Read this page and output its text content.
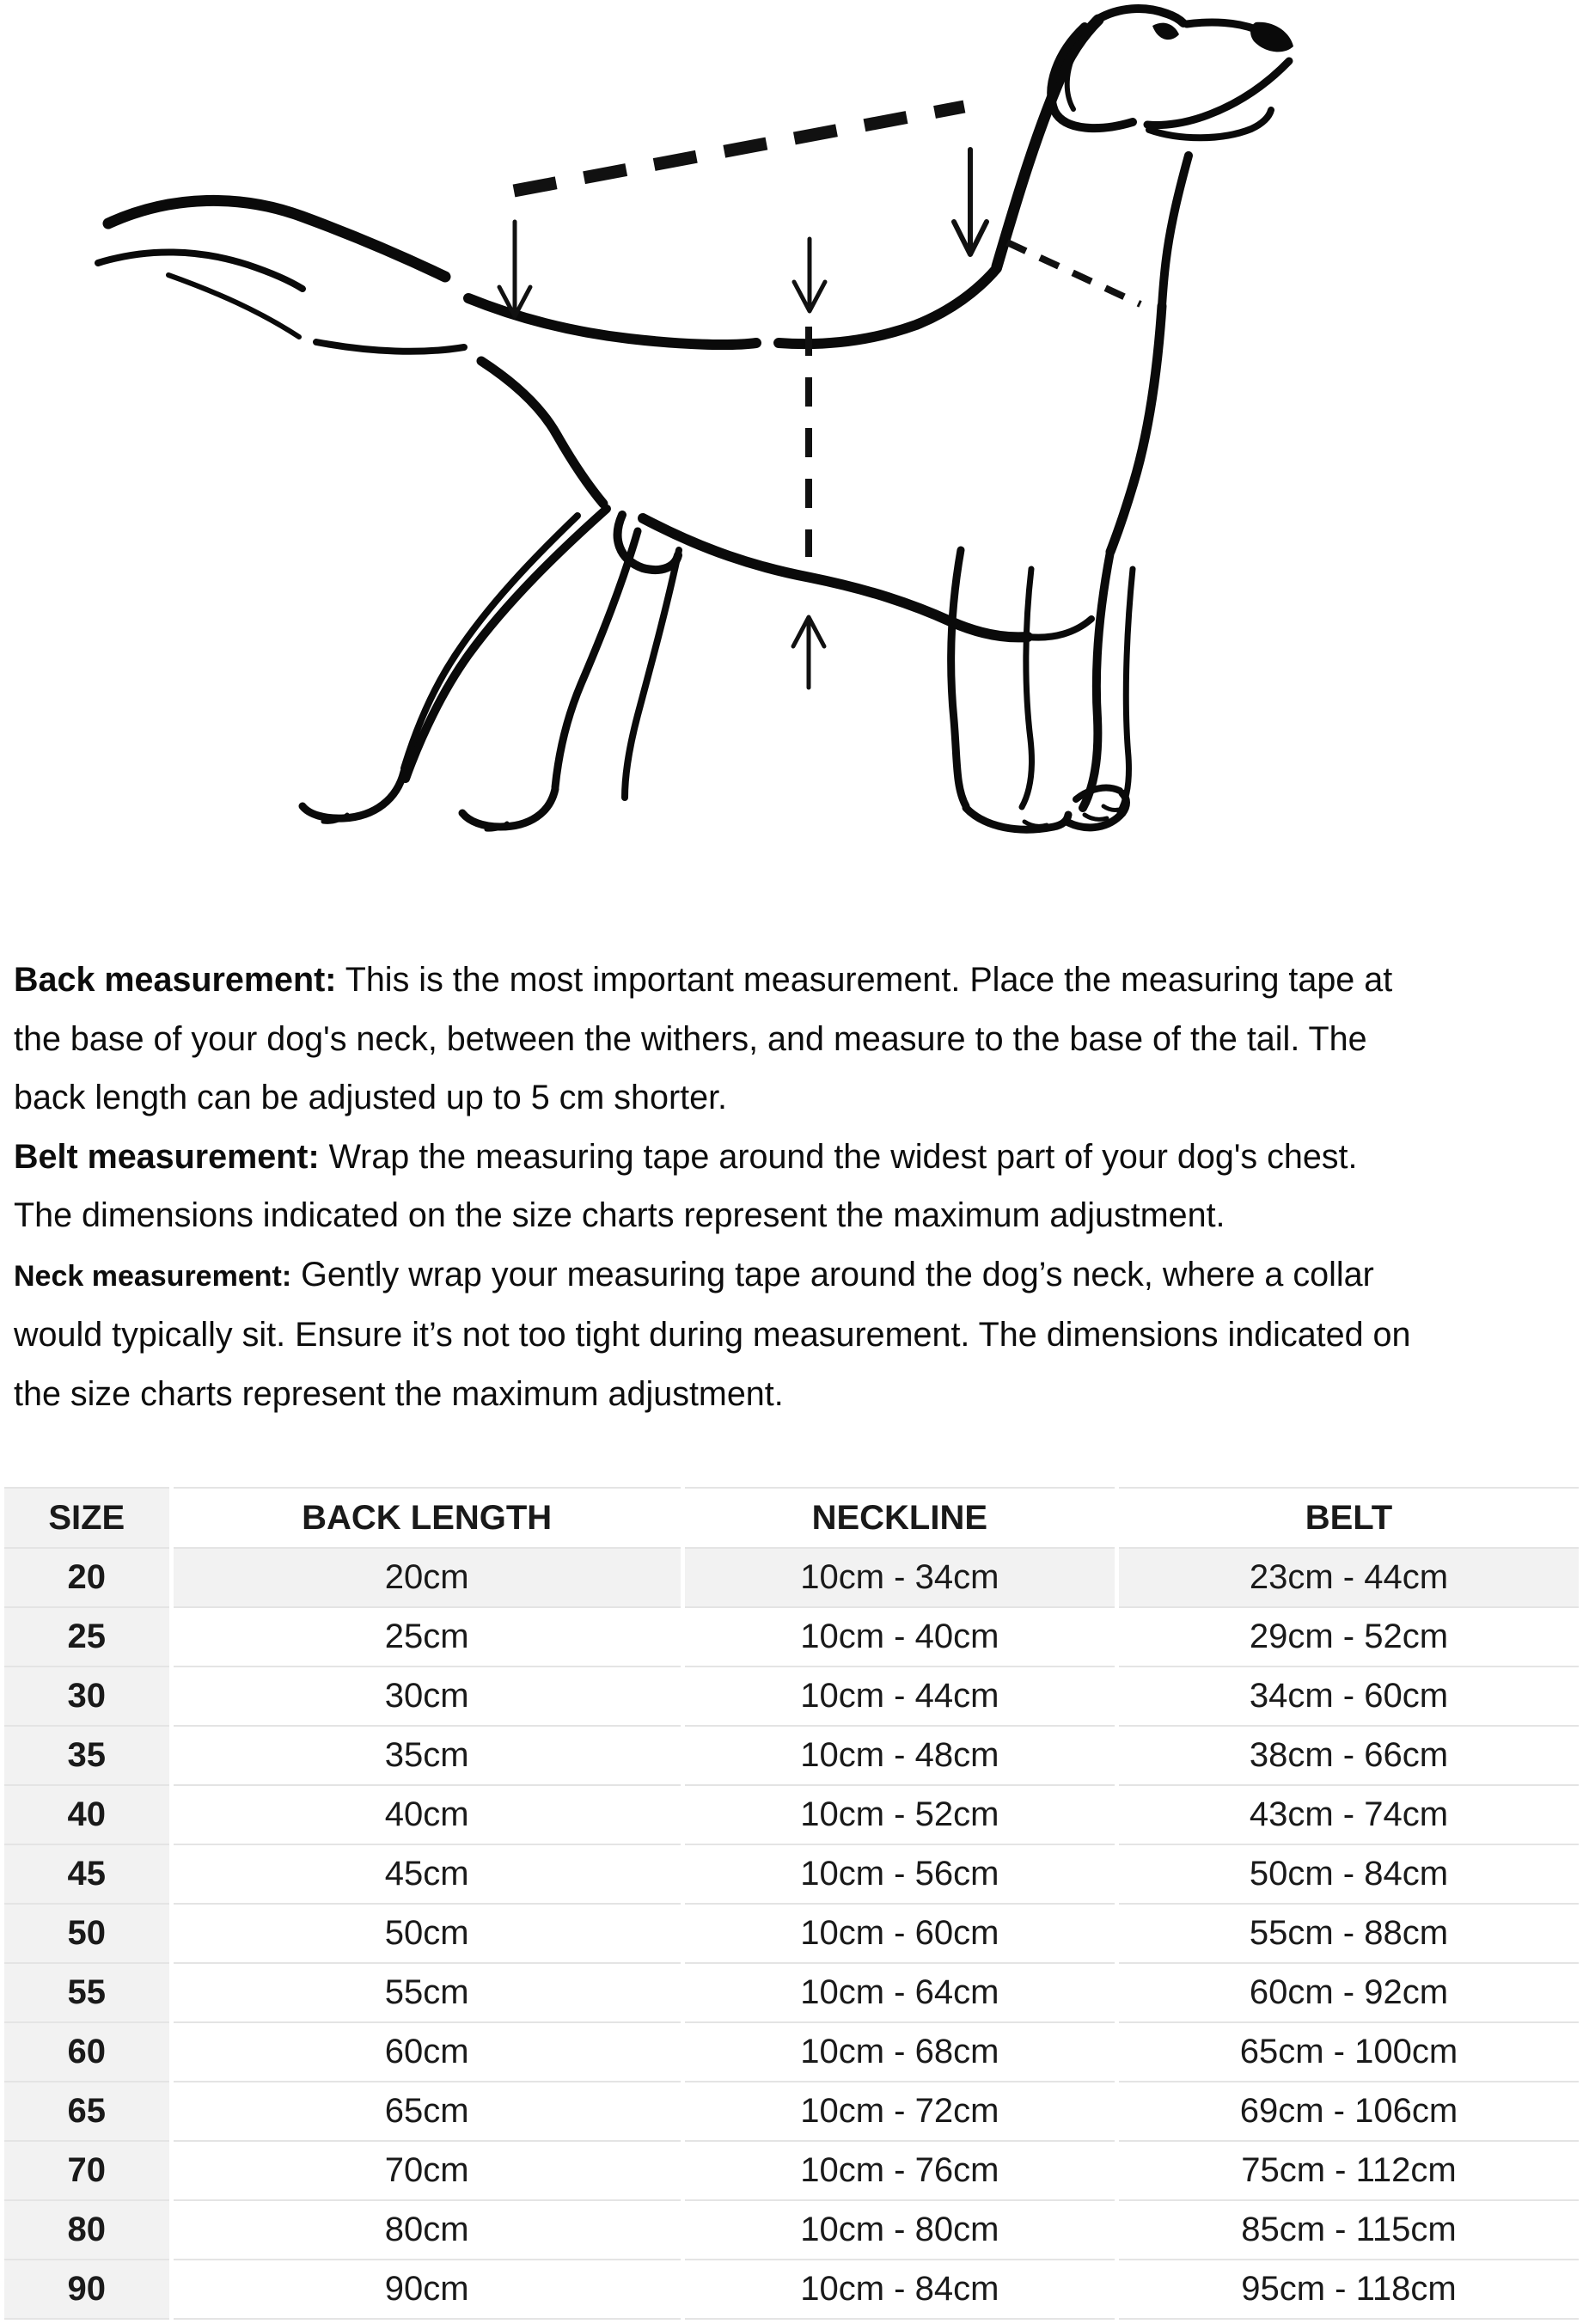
Back measurement: This is the most important measurement. Place the measuring tape at
the base of your dog's neck, between the withers, and measure to the base of the tail. The
back length can be adjusted up to 5 cm shorter.
Belt measurement: Wrap the measuring tape around the widest part of your dog's chest.
The dimensions indicated on the size charts represent the maximum adjustment.
Neck measurement: Gently wrap your measuring tape around the dog’s neck, where a collar
would typically sit. Ensure it’s not too tight during measurement. The dimensions indicated on
the size charts represent the maximum adjustment.
SIZE	BACK LENGTH	NECKLINE	BELT
20	20cm	10cm - 34cm	23cm - 44cm
25	25cm	10cm - 40cm	29cm - 52cm
30	30cm	10cm - 44cm	34cm - 60cm
35	35cm	10cm - 48cm	38cm - 66cm
40	40cm	10cm - 52cm	43cm - 74cm
45	45cm	10cm - 56cm	50cm - 84cm
50	50cm	10cm - 60cm	55cm - 88cm
55	55cm	10cm - 64cm	60cm - 92cm
60	60cm	10cm - 68cm	65cm - 100cm
65	65cm	10cm - 72cm	69cm - 106cm
70	70cm	10cm - 76cm	75cm - 112cm
80	80cm	10cm - 80cm	85cm - 115cm
90	90cm	10cm - 84cm	95cm - 118cm
